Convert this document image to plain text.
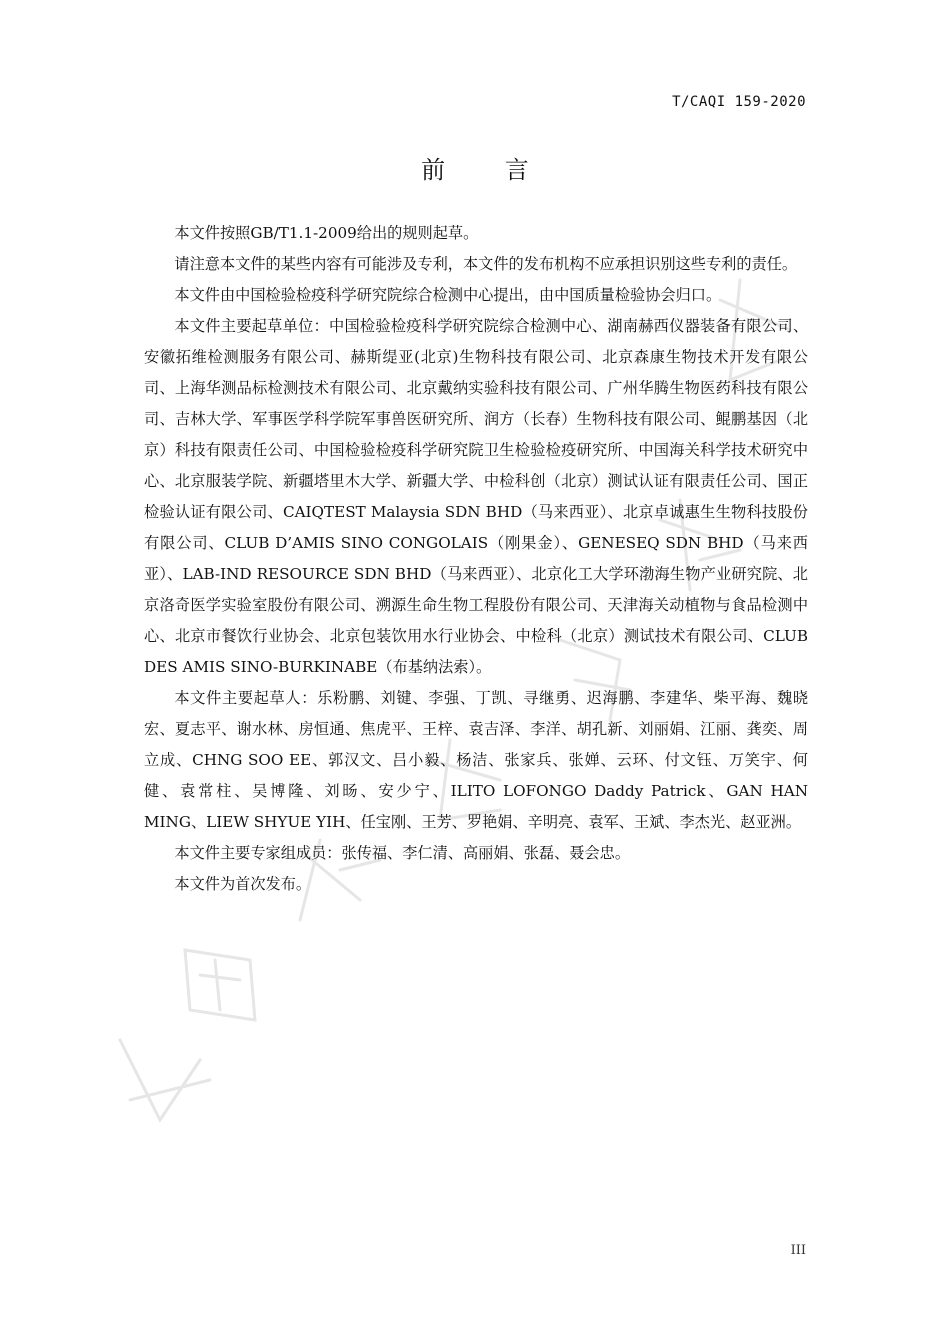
T/CAQI 159-2020
前 言

本文件按照GB/T1.1-2009给出的规则起草。

请注意本文件的某些内容有可能涉及专利，本文件的发布机构不应承担识别这些专利的责任。

本文件由中国检验检疫科学研究院综合检测中心提出，由中国质量检验协会归口。

本文件主要起草单位：中国检验检疫科学研究院综合检测中心、湖南赫西仪器装备有限公司、安徽拓维检测服务有限公司、赫斯缇亚(北京)生物科技有限公司、北京森康生物技术开发有限公司、上海华测品标检测技术有限公司、北京戴纳实验科技有限公司、广州华腾生物医药科技有限公司、吉林大学、军事医学科学院军事兽医研究所、润方（长春）生物科技有限公司、鲲鹏基因（北京）科技有限责任公司、中国检验检疫科学研究院卫生检验检疫研究所、中国海关科学技术研究中心、北京服装学院、新疆塔里木大学、新疆大学、中检科创（北京）测试认证有限责任公司、国正检验认证有限公司、CAIQTEST Malaysia SDN BHD（马来西亚）、北京卓诚惠生生物科技股份有限公司、CLUB D’AMIS SINO CONGOLAIS（刚果金）、GENESEQ SDN BHD（马来西亚）、LAB-IND RESOURCE SDN BHD（马来西亚）、北京化工大学环渤海生物产业研究院、北京洛奇医学实验室股份有限公司、溯源生命生物工程股份有限公司、天津海关动植物与食品检测中心、北京市餐饮行业协会、北京包装饮用水行业协会、中检科（北京）测试技术有限公司、CLUB DES AMIS SINO-BURKINABE（布基纳法索）。

本文件主要起草人：乐粉鹏、刘键、李强、丁凯、寻继勇、迟海鹏、李建华、柴平海、魏晓宏、夏志平、谢水林、房恒通、焦虎平、王梓、袁吉泽、李洋、胡孔新、刘丽娟、江丽、龚奕、周立成、CHNG SOO EE、郭汉文、吕小毅、杨洁、张家兵、张婵、云环、付文钰、万笑宇、何健、袁常柱、吴博隆、刘旸、安少宁、ILITO LOFONGO Daddy Patrick、GAN HAN MING、LIEW SHYUE YIH、任宝刚、王芳、罗艳娟、辛明亮、袁军、王斌、李杰光、赵亚洲。

本文件主要专家组成员：张传福、李仁清、高丽娟、张磊、聂会忠。

本文件为首次发布。

III
